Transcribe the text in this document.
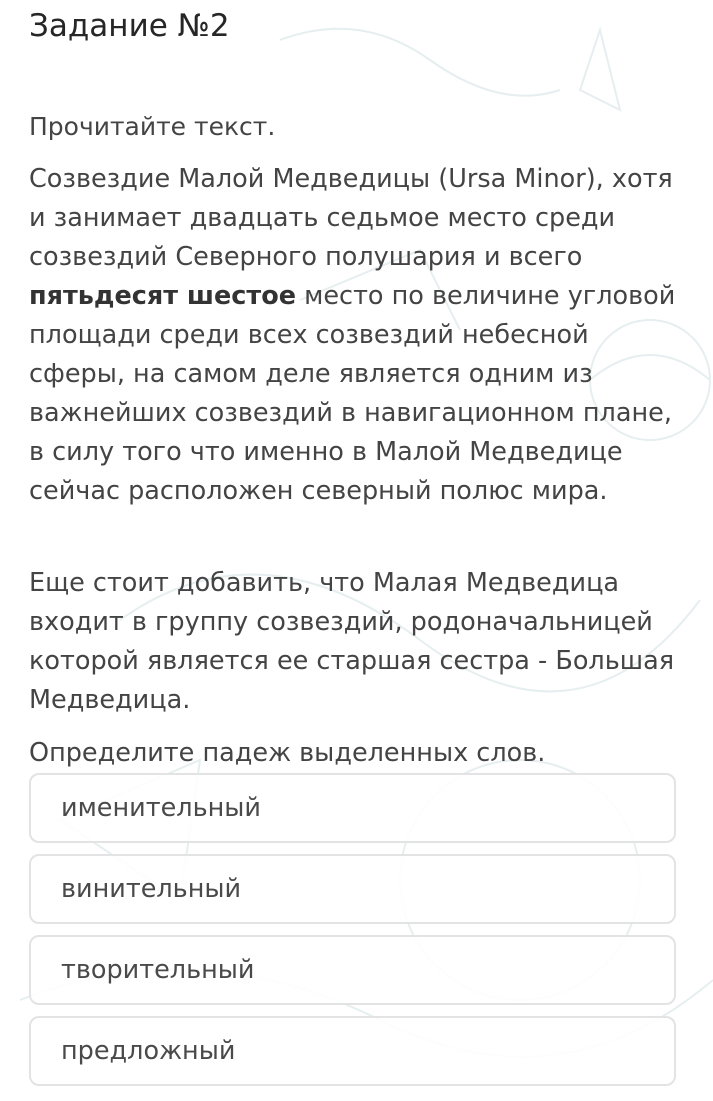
Задание №2
Прочитайте текст.

Созвездие Малой Медведицы (Ursa Minor), хотя и занимает двадцать седьмое место среди созвездий Северного полушария и всего пятьдесят шестое место по величине угловой площади среди всех созвездий небесной сферы, на самом деле является одним из важнейших созвездий в навигационном плане, в силу того что именно в Малой Медведице сейчас расположен северный полюс мира.

Еще стоит добавить, что Малая Медведица входит в группу созвездий, родоначальницей которой является ее старшая сестра - Большая Медведица.

Определите падеж выделенных слов.
именительный
винительный
творительный
предложный
